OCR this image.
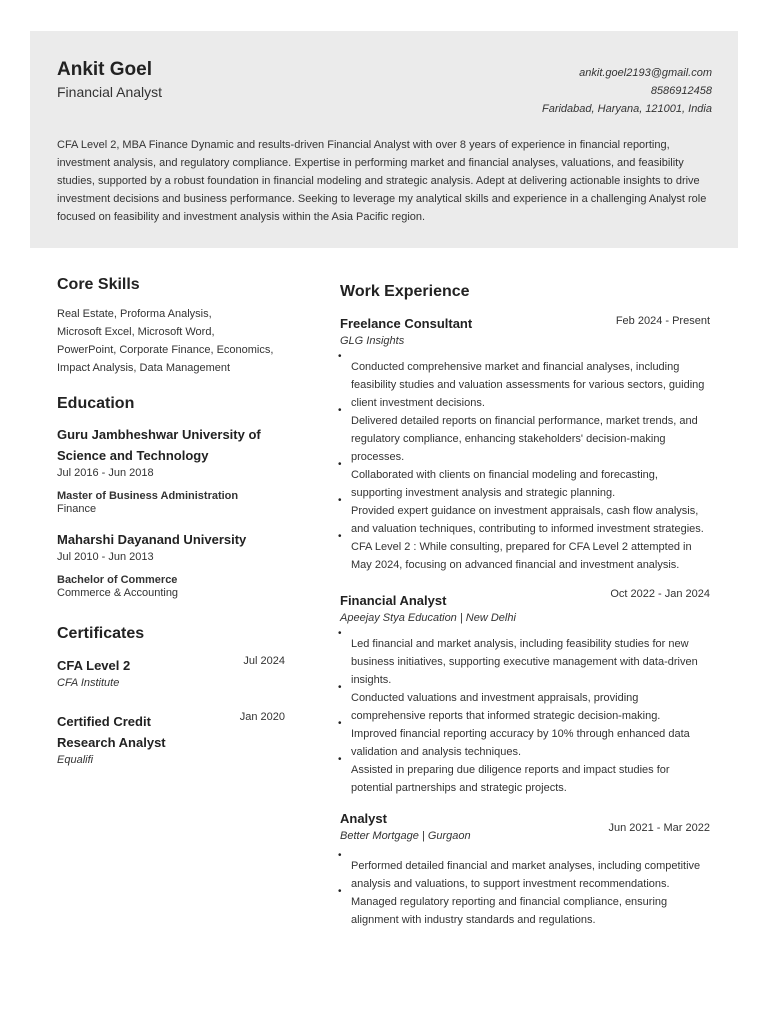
Ankit Goel
Financial Analyst
ankit.goel2193@gmail.com
8586912458
Faridabad, Haryana, 121001, India
CFA Level 2, MBA Finance Dynamic and results-driven Financial Analyst with over 8 years of experience in financial reporting, investment analysis, and regulatory compliance. Expertise in performing market and financial analyses, valuations, and feasibility studies, supported by a robust foundation in financial modeling and strategic analysis. Adept at delivering actionable insights to drive investment decisions and business performance. Seeking to leverage my analytical skills and experience in a challenging Analyst role focused on feasibility and investment analysis within the Asia Pacific region.
Core Skills
Real Estate, Proforma Analysis,
Microsoft Excel, Microsoft Word,
PowerPoint, Corporate Finance, Economics,
Impact Analysis, Data Management
Education
Guru Jambheshwar University of Science and Technology
Jul 2016 - Jun 2018
Master of Business Administration
Finance
Maharshi Dayanand University
Jul 2010 - Jun 2013
Bachelor of Commerce
Commerce & Accounting
Certificates
CFA Level 2	Jul 2024
CFA Institute
Certified Credit Research Analyst
Jan 2020
Equalifi
Work Experience
Freelance Consultant	Feb 2024 - Present
GLG Insights
•
Conducted comprehensive market and financial analyses, including feasibility studies and valuation assessments for various sectors, guiding client investment decisions.
•
Delivered detailed reports on financial performance, market trends, and regulatory compliance, enhancing stakeholders' decision-making processes.
•
Collaborated with clients on financial modeling and forecasting, supporting investment analysis and strategic planning.
•
Provided expert guidance on investment appraisals, cash flow analysis, and valuation techniques, contributing to informed investment strategies.
•
CFA Level 2 : While consulting, prepared for CFA Level 2 attempted in May 2024, focusing on advanced financial and investment analysis.
Financial Analyst	Oct 2022 - Jan 2024
Apeejay Stya Education | New Delhi
•
Led financial and market analysis, including feasibility studies for new business initiatives, supporting executive management with data-driven insights.
•
Conducted valuations and investment appraisals, providing comprehensive reports that informed strategic decision-making.
•
Improved financial reporting accuracy by 10% through enhanced data validation and analysis techniques.
•
Assisted in preparing due diligence reports and impact studies for potential partnerships and strategic projects.
Analyst
Jun 2021 - Mar 2022
Better Mortgage | Gurgaon
•
Performed detailed financial and market analyses, including competitive analysis and valuations, to support investment recommendations.
•
Managed regulatory reporting and financial compliance, ensuring alignment with industry standards and regulations.
